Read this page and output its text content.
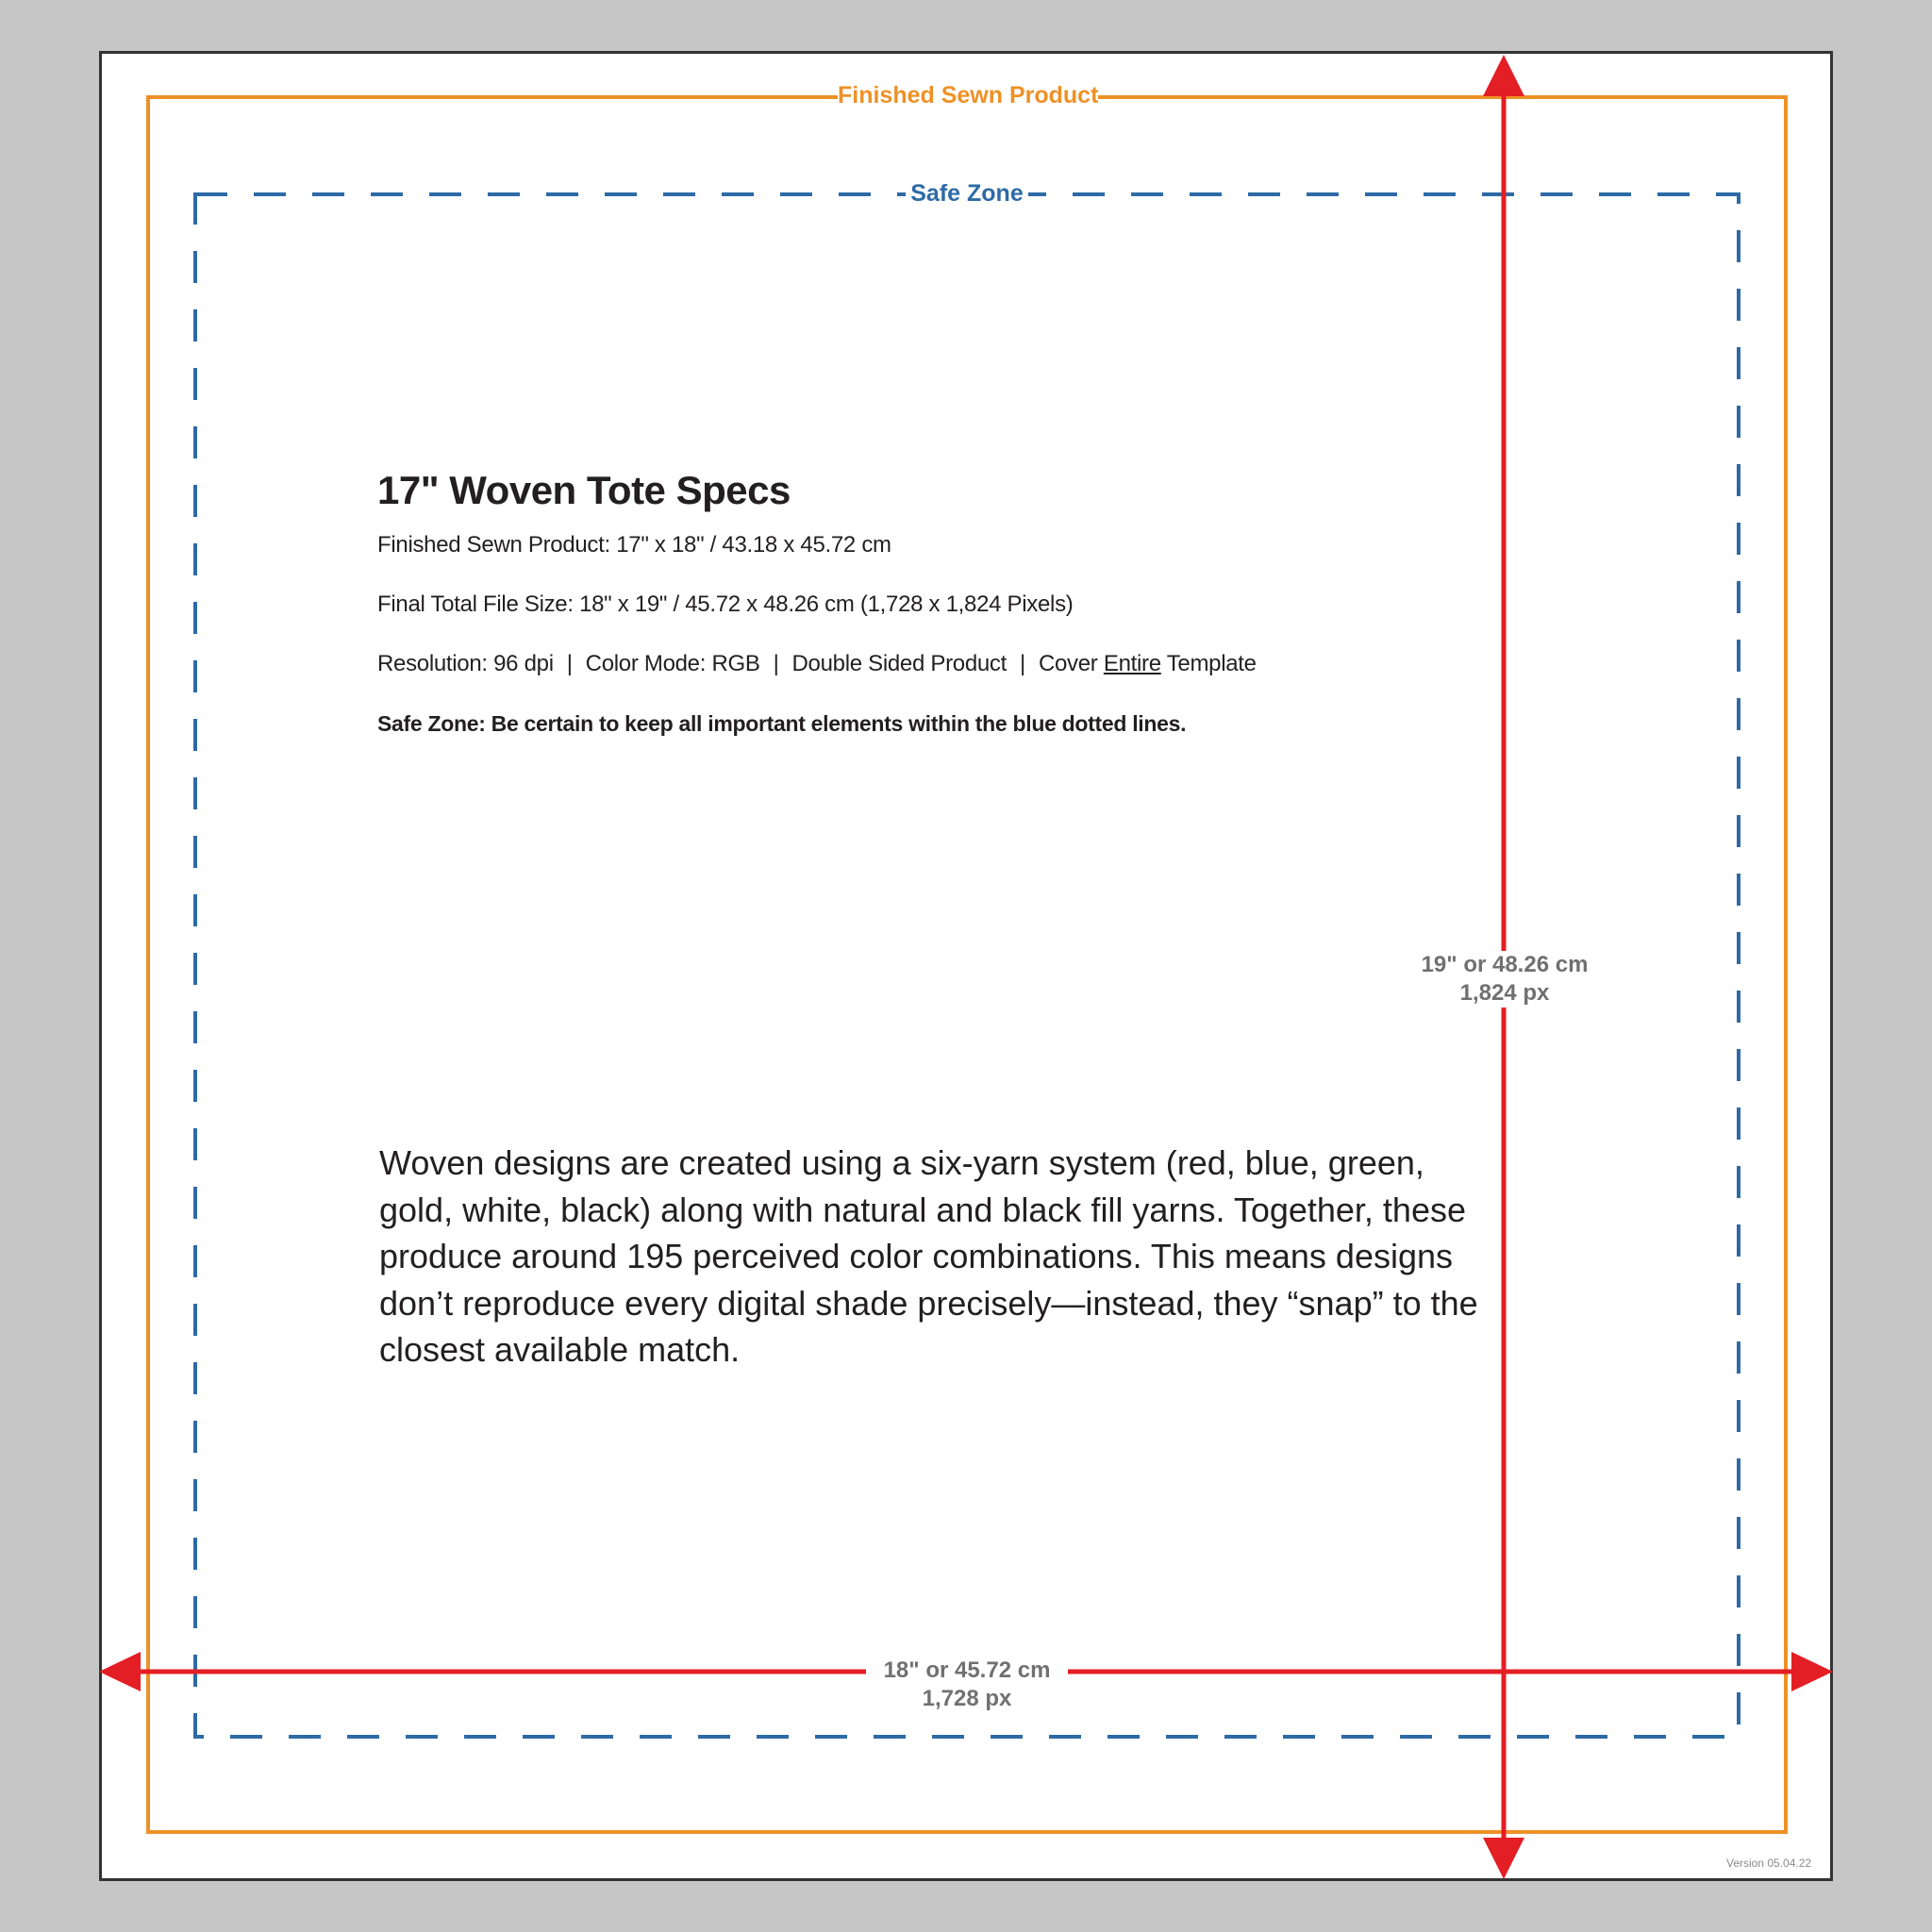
Finished Sewn Product
Safe Zone
19" or 48.26 cm
1,824 px
18" or 45.72 cm
1,728 px
17" Woven Tote Specs
Finished Sewn Product: 17" x 18" / 43.18 x 45.72 cm
Final Total File Size: 18" x 19" / 45.72 x 48.26 cm (1,728 x 1,824 Pixels)
Resolution: 96 dpi | Color Mode: RGB | Double Sided Product | Cover Entire Template
Safe Zone: Be certain to keep all important elements within the blue dotted lines.
Woven designs are created using a six-yarn system (red, blue, green, gold, white, black) along with natural and black fill yarns. Together, these produce around 195 perceived color combinations. This means designs don’t reproduce every digital shade precisely—instead, they “snap” to the closest available match.
Version 05.04.22
